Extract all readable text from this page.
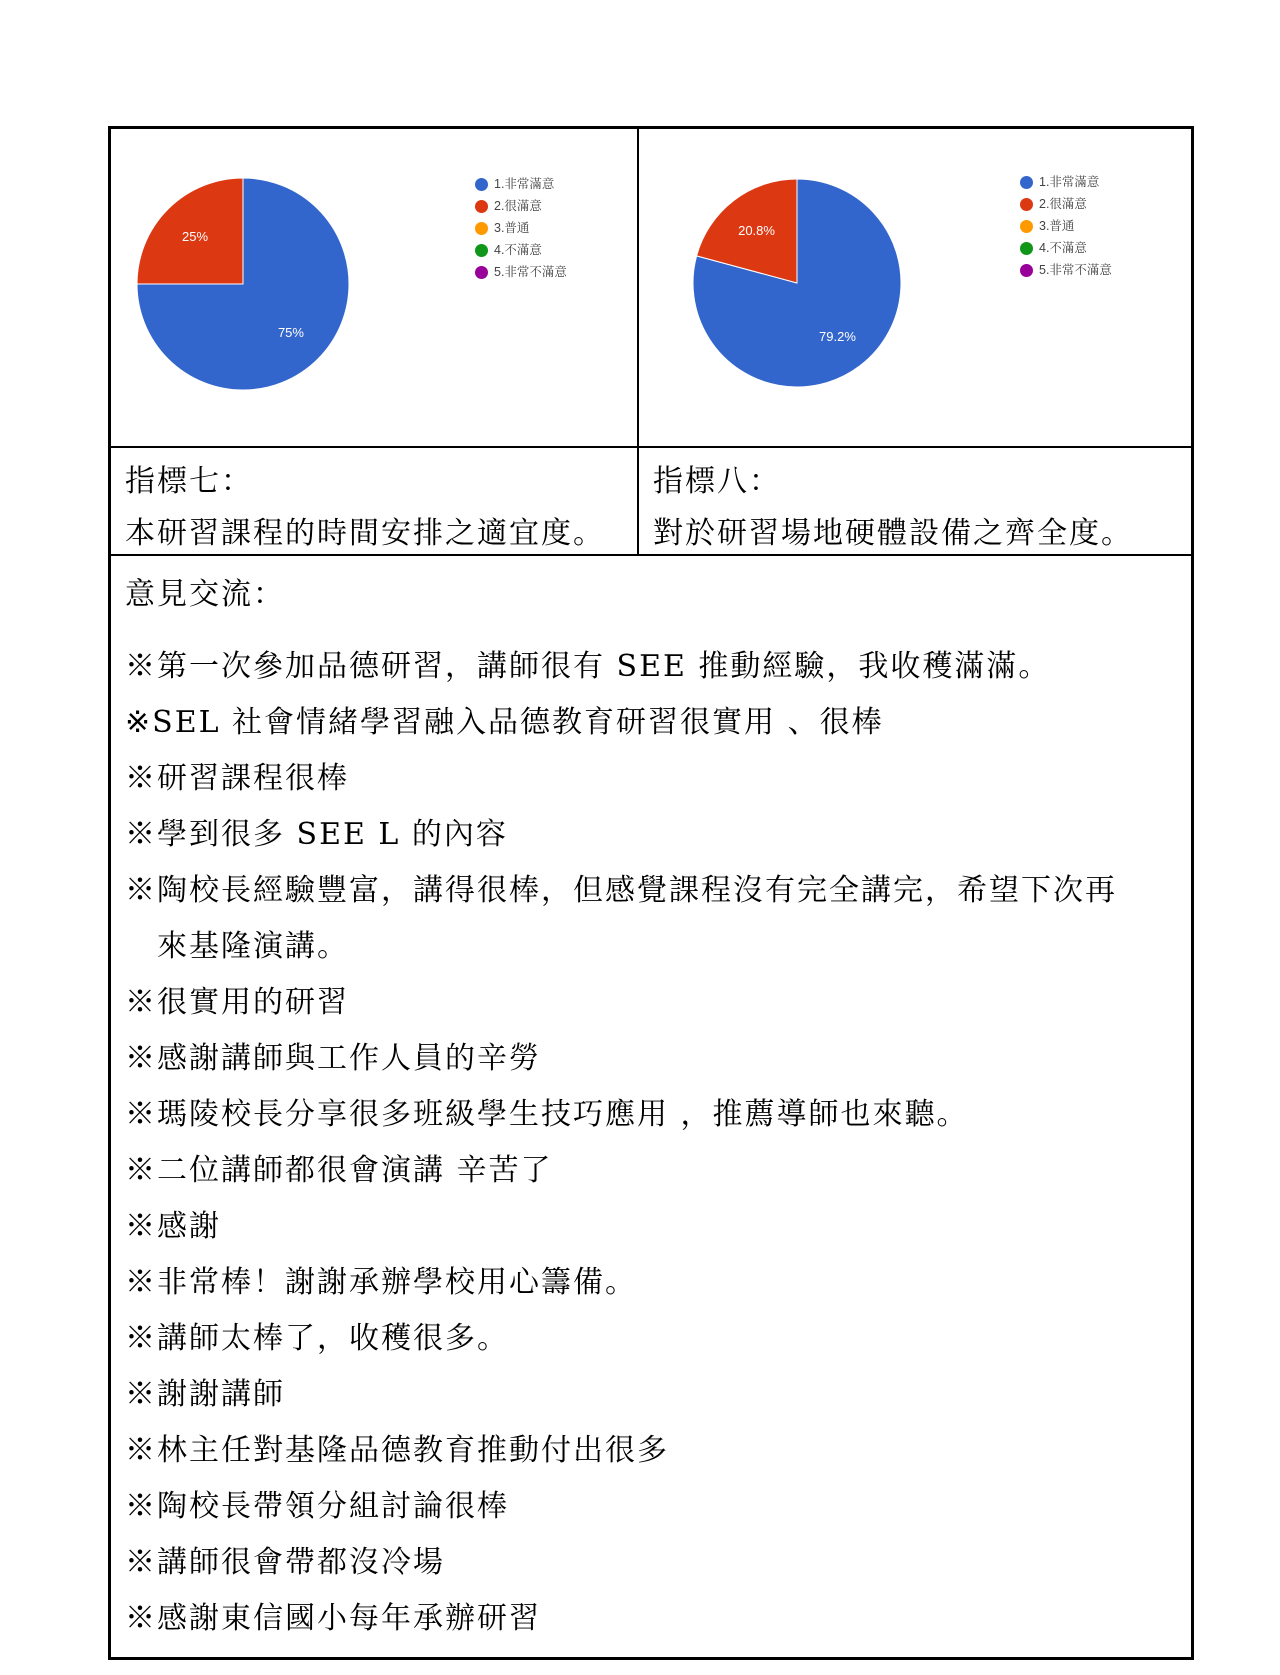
75%
25%
1.非常滿意
2.很滿意
3.普通
4.不滿意
5.非常不滿意
79.2%
20.8%
1.非常滿意
2.很滿意
3.普通
4.不滿意
5.非常不滿意
指標七：
本研習課程的時間安排之適宜度。
指標八：
對於研習場地硬體設備之齊全度。
意見交流：
※第一次參加品德研習，講師很有 SEE 推動經驗，我收穫滿滿。
※SEL 社會情緒學習融入品德教育研習很實用 、很棒
※研習課程很棒
※學到很多 SEE L 的內容
※陶校長經驗豐富，講得很棒，但感覺課程沒有完全講完，希望下次再
來基隆演講。
※很實用的研習
※感謝講師與工作人員的辛勞
※瑪陵校長分享很多班級學生技巧應用 ，推薦導師也來聽。
※二位講師都很會演講 辛苦了
※感謝
※非常棒！謝謝承辦學校用心籌備。
※講師太棒了，收穫很多。
※謝謝講師
※林主任對基隆品德教育推動付出很多
※陶校長帶領分組討論很棒
※講師很會帶都沒冷場
※感謝東信國小每年承辦研習
